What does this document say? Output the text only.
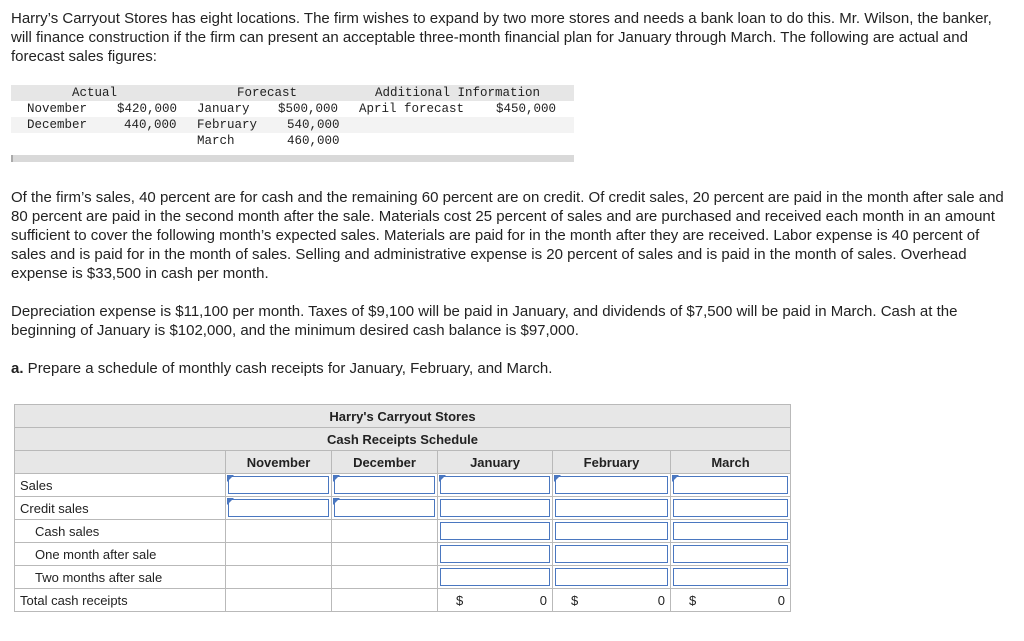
Harry’s Carryout Stores has eight locations. The firm wishes to expand by two more stores and needs a bank loan to do this. Mr. Wilson, the banker, will finance construction if the firm can present an acceptable three-month financial plan for January through March. The following are actual and forecast sales figures:

Actual	Forecast	Additional Information
November $420,000 January $500,000 April forecast	$450,000
December	440,000 February 540,000
March	460,000

Of the firm’s sales, 40 percent are for cash and the remaining 60 percent are on credit. Of credit sales, 20 percent are paid in the month after sale and 80 percent are paid in the second month after the sale. Materials cost 25 percent of sales and are purchased and received each month in an amount sufficient to cover the following month’s expected sales. Materials are paid for in the month after they are received. Labor expense is 40 percent of sales and is paid for in the month of sales. Selling and administrative expense is 20 percent of sales and is paid in the month of sales. Overhead expense is $33,500 in cash per month.

Depreciation expense is $11,100 per month. Taxes of $9,100 will be paid in January, and dividends of $7,500 will be paid in March. Cash at the beginning of January is $102,000, and the minimum desired cash balance is $97,000.

a. Prepare a schedule of monthly cash receipts for January, February, and March.

Harry's Carryout Stores					
Cash Receipts Schedule					
	November	December	January	February	March
Sales	

Credit sales	

Cash sales					
One month after sale					
Two months after sale					
Total cash receipts			$ 0	$ 0	$ 0
